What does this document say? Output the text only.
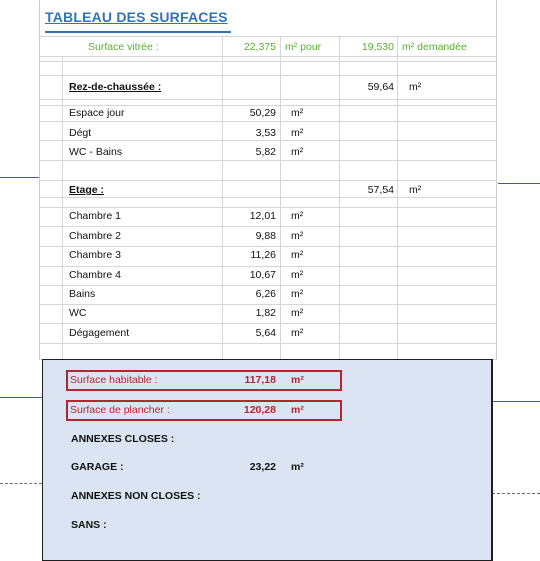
TABLEAU DES SURFACES
Surface vitrée :	22,375 m² pour	19,530 m² demandée
Rez-de-chaussée :	59,64 m²
Espace jour	50,29 m²
Dégt	3,53 m²
WC - Bains	5,82 m²
Etage :	57,54 m²
Chambre 1	12,01 m²
Chambre 2	9,88 m²
Chambre 3	11,26 m²
Chambre 4	10,67 m²
Bains	6,26 m²
WC	1,82 m²
Dégagement	5,64 m²
Surface habitable :	117,18 m²
Surface de plancher :	120,28 m²
ANNEXES CLOSES :
GARAGE :	23,22 m²
ANNEXES NON CLOSES :
SANS :
